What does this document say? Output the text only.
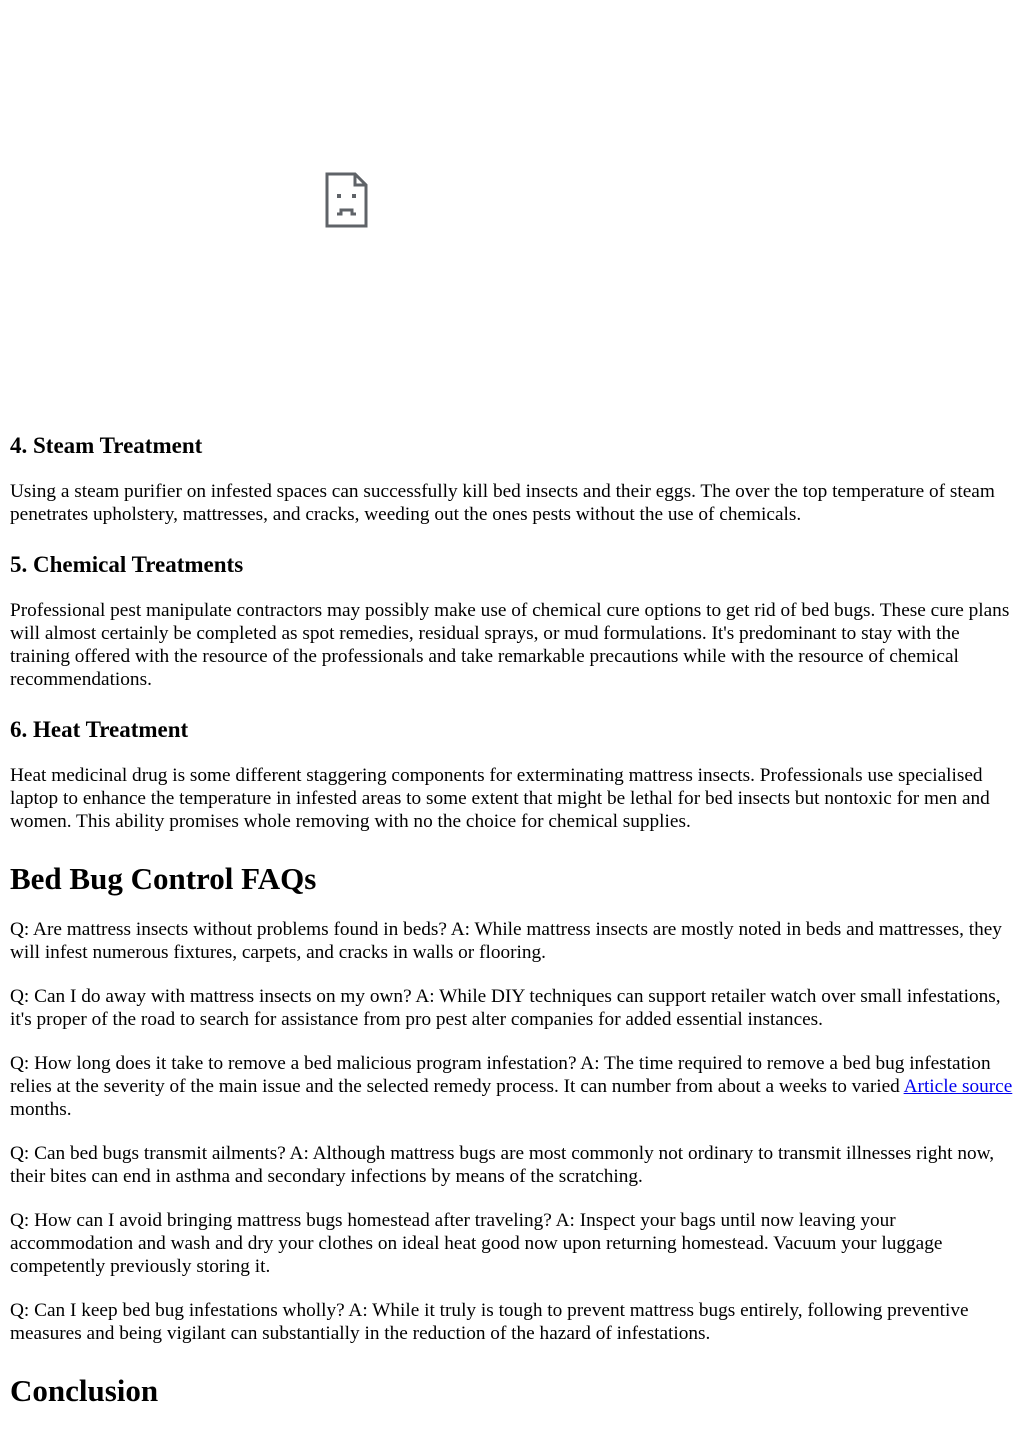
4. Steam Treatment

Using a steam purifier on infested spaces can successfully kill bed insects and their eggs. The over the top temperature of steam penetrates upholstery, mattresses, and cracks, weeding out the ones pests without the use of chemicals.

5. Chemical Treatments

Professional pest manipulate contractors may possibly make use of chemical cure options to get rid of bed bugs. These cure plans will almost certainly be completed as spot remedies, residual sprays, or mud formulations. It's predominant to stay with the training offered with the resource of the professionals and take remarkable precautions while with the resource of chemical recommendations.

6. Heat Treatment

Heat medicinal drug is some different staggering components for exterminating mattress insects. Professionals use specialised laptop to enhance the temperature in infested areas to some extent that might be lethal for bed insects but nontoxic for men and women. This ability promises whole removing with no the choice for chemical supplies.

Bed Bug Control FAQs

Q: Are mattress insects without problems found in beds? A: While mattress insects are mostly noted in beds and mattresses, they will infest numerous fixtures, carpets, and cracks in walls or flooring.

Q: Can I do away with mattress insects on my own? A: While DIY techniques can support retailer watch over small infestations, it's proper of the road to search for assistance from pro pest alter companies for added essential instances.

Q: How long does it take to remove a bed malicious program infestation? A: The time required to remove a bed bug infestation relies at the severity of the main issue and the selected remedy process. It can number from about a weeks to varied Article source months.

Q: Can bed bugs transmit ailments? A: Although mattress bugs are most commonly not ordinary to transmit illnesses right now, their bites can end in asthma and secondary infections by means of the scratching.

Q: How can I avoid bringing mattress bugs homestead after traveling? A: Inspect your bags until now leaving your accommodation and wash and dry your clothes on ideal heat good now upon returning homestead. Vacuum your luggage competently previously storing it.

Q: Can I keep bed bug infestations wholly? A: While it truly is tough to prevent mattress bugs entirely, following preventive measures and being vigilant can substantially in the reduction of the hazard of infestations.

Conclusion
